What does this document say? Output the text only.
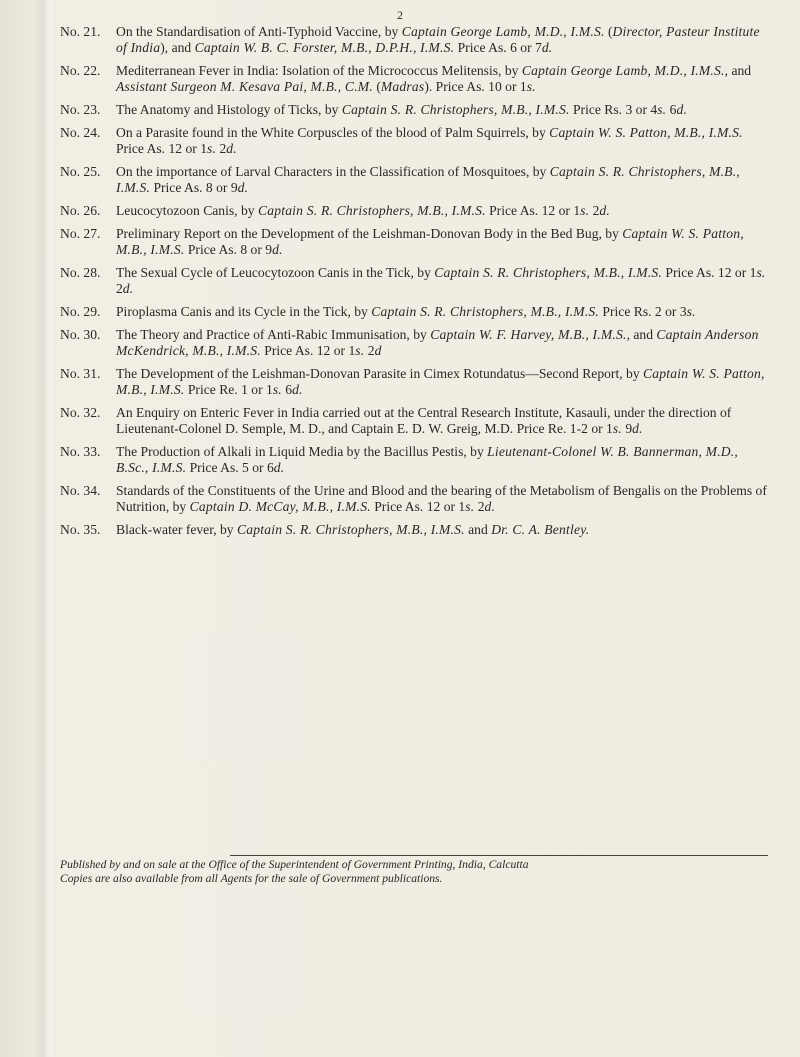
2
No. 21.	On the Standardisation of Anti-Typhoid Vaccine, by Captain George Lamb, M.D., I.M.S. (Director, Pasteur Institute of India), and Captain W. B. C. Forster, M.B., D.P.H., I.M.S. Price As. 6 or 7d.
No. 22.	Mediterranean Fever in India: Isolation of the Micrococcus Melitensis, by Captain George Lamb, M.D., I.M.S., and Assistant Surgeon M. Kesava Pai, M.B., C.M. (Madras). Price As. 10 or 1s.
No. 23.	The Anatomy and Histology of Ticks, by Captain S. R. Christophers, M.B., I.M.S. Price Rs. 3 or 4s. 6d.
No. 24.	On a Parasite found in the White Corpuscles of the blood of Palm Squirrels, by Captain W. S. Patton, M.B., I.M.S. Price As. 12 or 1s. 2d.
No. 25.	On the importance of Larval Characters in the Classification of Mosquitoes, by Captain S. R. Christophers, M.B., I.M.S. Price As. 8 or 9d.
No. 26.	Leucocytozoon Canis, by Captain S. R. Christophers, M.B., I.M.S. Price As. 12 or 1s. 2d.
No. 27.	Preliminary Report on the Development of the Leishman-Donovan Body in the Bed Bug, by Captain W. S. Patton, M.B., I.M.S. Price As. 8 or 9d.
No. 28.	The Sexual Cycle of Leucocytozoon Canis in the Tick, by Captain S. R. Christophers, M.B., I.M.S. Price As. 12 or 1s. 2d.
No. 29.	Piroplasma Canis and its Cycle in the Tick, by Captain S. R. Christophers, M.B., I.M.S. Price Rs. 2 or 3s.
No. 30.	The Theory and Practice of Anti-Rabic Immunisation, by Captain W. F. Harvey, M.B., I.M.S., and Captain Anderson McKendrick, M.B., I.M.S. Price As. 12 or 1s. 2d
No. 31.	The Development of the Leishman-Donovan Parasite in Cimex Rotundatus—Second Report, by Captain W. S. Patton, M.B., I.M.S. Price Re. 1 or 1s. 6d.
No. 32.	An Enquiry on Enteric Fever in India carried out at the Central Research Institute, Kasauli, under the direction of Lieutenant-Colonel D. Semple, M. D., and Captain E. D. W. Greig, M.D. Price Re. 1-2 or 1s. 9d.
No. 33.	The Production of Alkali in Liquid Media by the Bacillus Pestis, by Lieutenant-Colonel W. B. Bannerman, M.D., B.Sc., I.M.S. Price As. 5 or 6d.
No. 34.	Standards of the Constituents of the Urine and Blood and the bearing of the Metabolism of Bengalis on the Problems of Nutrition, by Captain D. McCay, M.B., I.M.S. Price As. 12 or 1s. 2d.
No. 35.	Black-water fever, by Captain S. R. Christophers, M.B., I.M.S. and Dr. C. A. Bentley.

Published by and on sale at the Office of the Superintendent of Government Printing, India, Calcutta

Copies are also available from all Agents for the sale of Government publications.
